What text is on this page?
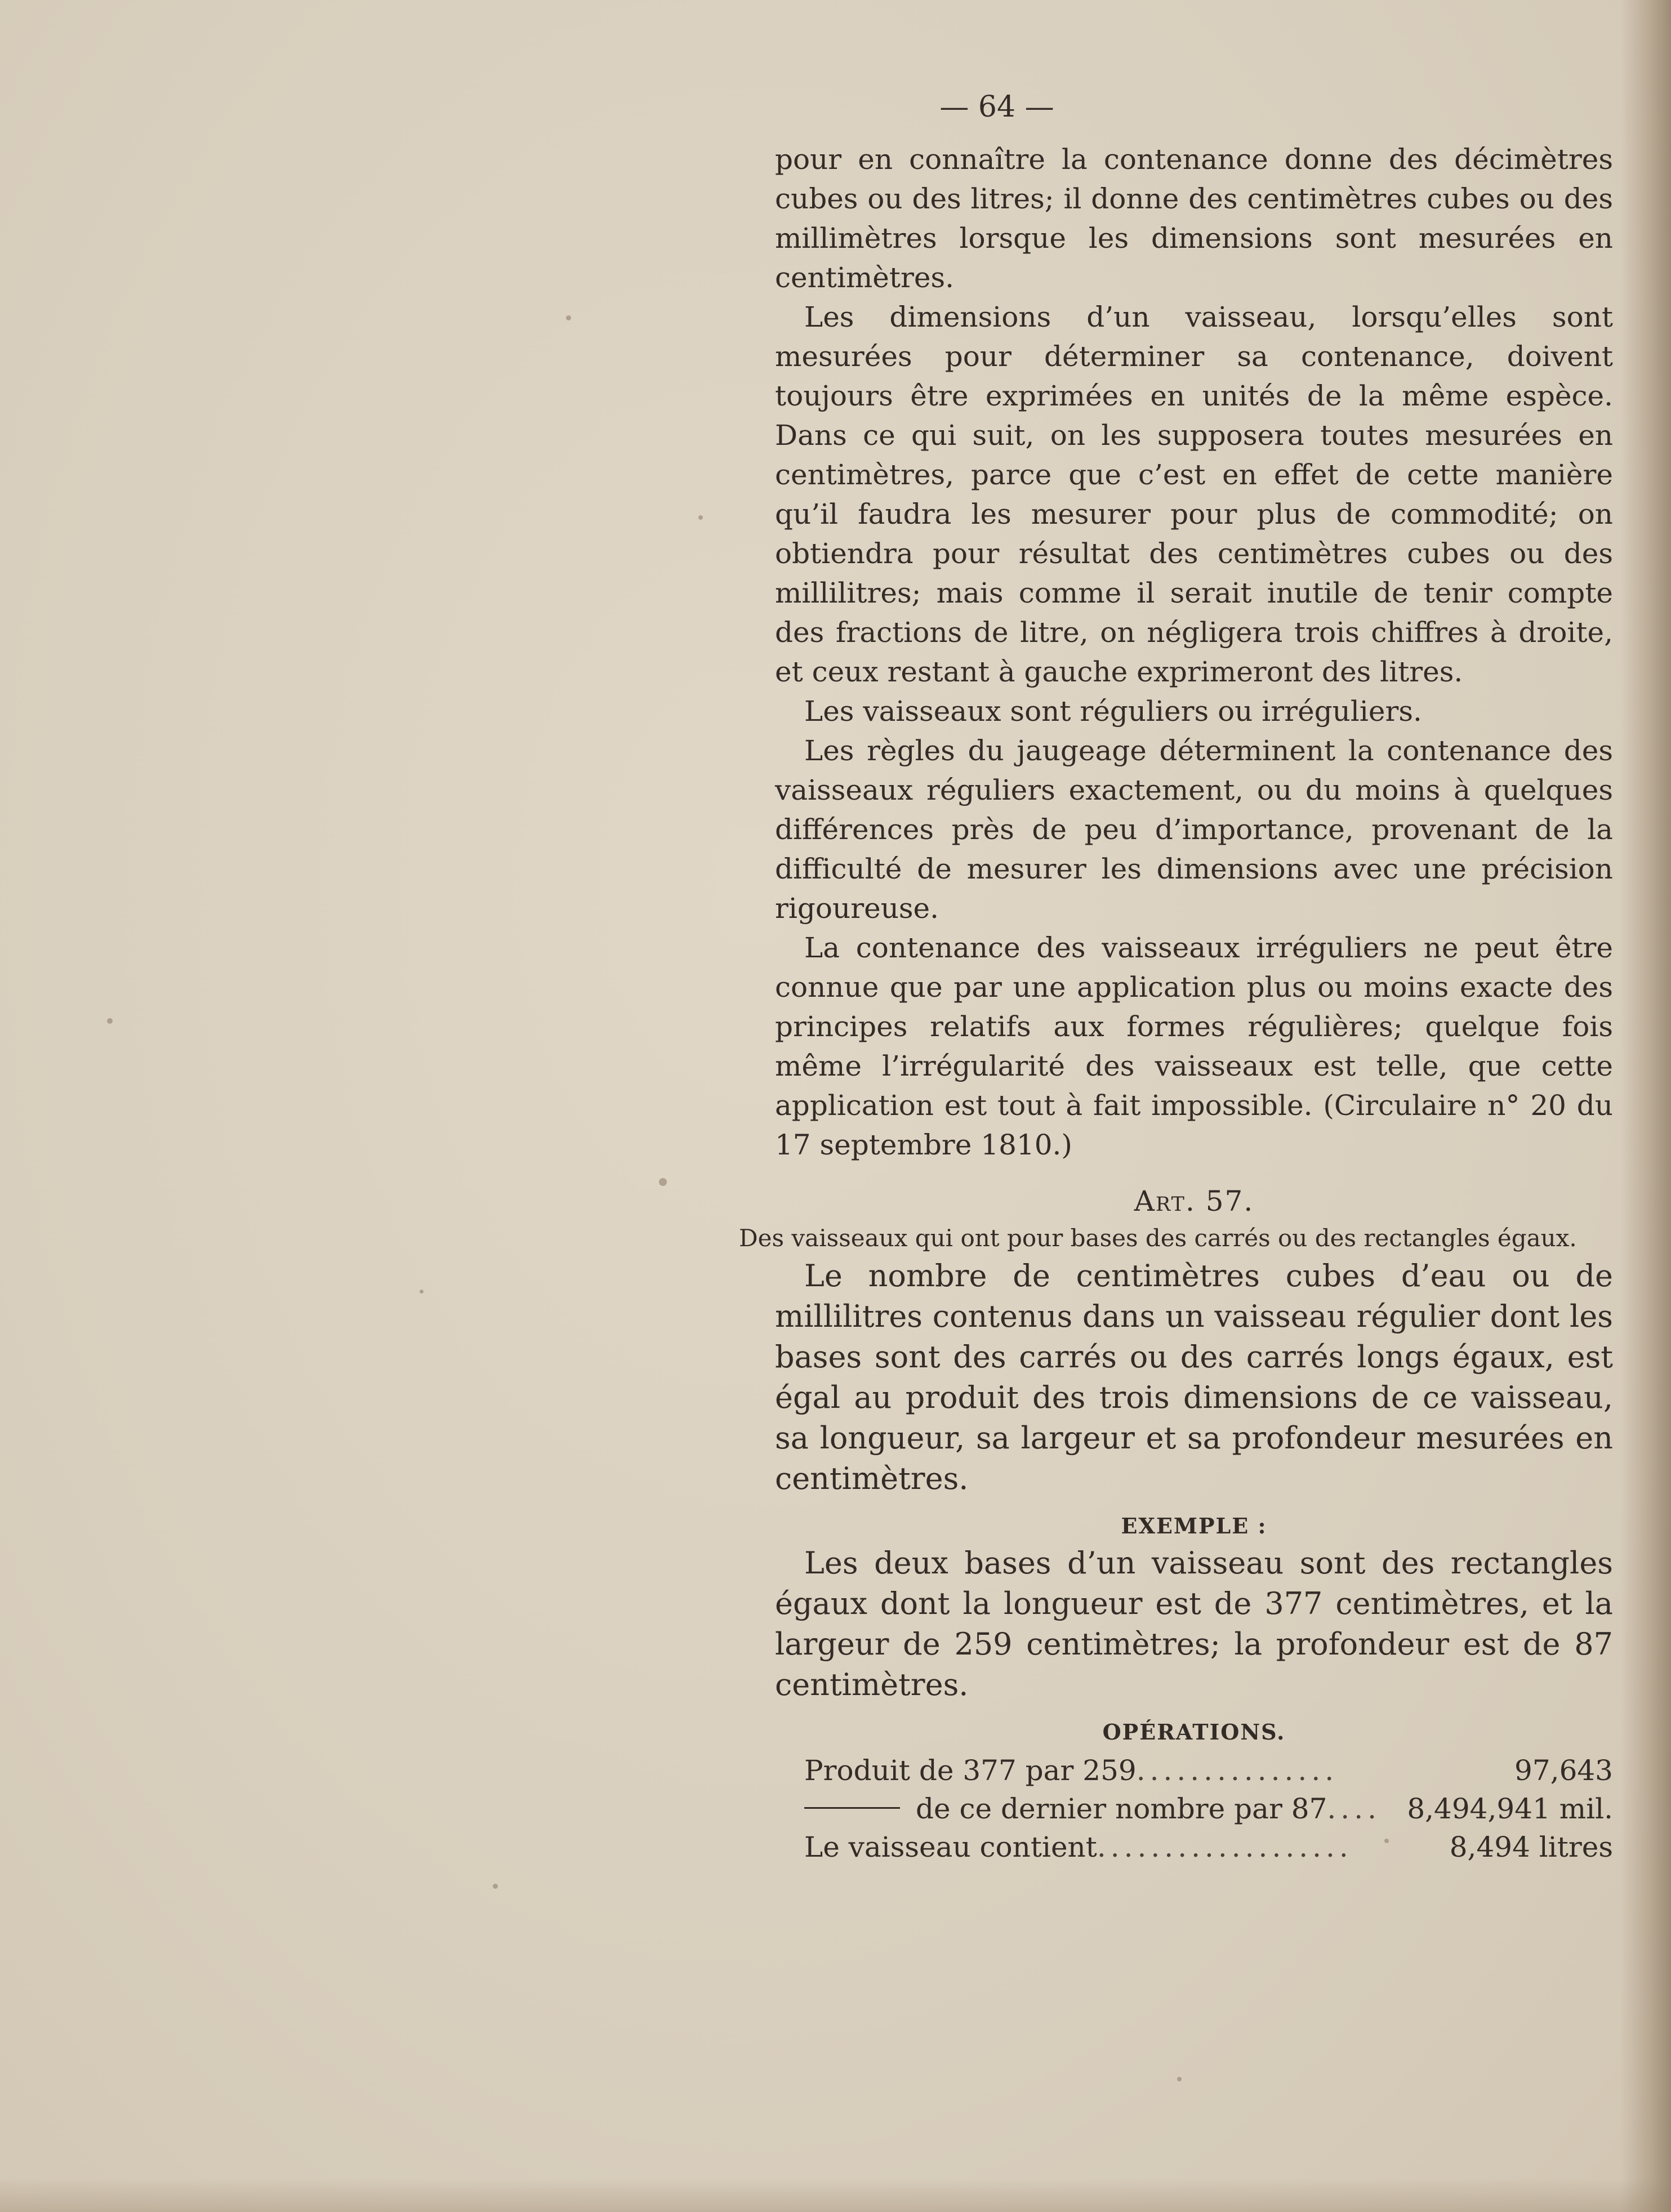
— 64 —

pour en connaître la contenance donne des décimètres cubes ou des litres; il donne des centimètres cubes ou des millimètres lorsque les dimensions sont mesurées en centimètres.

Les dimensions d’un vaisseau, lorsqu’elles sont mesurées pour déterminer sa contenance, doivent toujours être exprimées en unités de la même espèce. Dans ce qui suit, on les supposera toutes mesurées en centimètres, parce que c’est en effet de cette manière qu’il faudra les mesurer pour plus de commodité; on obtiendra pour résultat des centimètres cubes ou des millilitres; mais comme il serait inutile de tenir compte des fractions de litre, on négligera trois chiffres à droite, et ceux restant à gauche exprimeront des litres.

Les vaisseaux sont réguliers ou irréguliers.

Les règles du jaugeage déterminent la contenance des vaisseaux réguliers exactement, ou du moins à quelques différences près de peu d’importance, provenant de la difficulté de mesurer les dimensions avec une précision rigoureuse.

La contenance des vaisseaux irréguliers ne peut être connue que par une application plus ou moins exacte des principes relatifs aux formes régulières; quelque fois même l’irrégularité des vaisseaux est telle, que cette application est tout à fait impossible. (Circulaire n° 20 du 17 septembre 1810.)

Art. 57.
Des vaisseaux qui ont pour bases des carrés ou des rectangles égaux.

Le nombre de centimètres cubes d’eau ou de millilitres contenus dans un vaisseau régulier dont les bases sont des carrés ou des carrés longs égaux, est égal au produit des trois dimensions de ce vaisseau, sa longueur, sa largeur et sa profondeur mesurées en centimètres.

EXEMPLE :

Les deux bases d’un vaisseau sont des rectangles égaux dont la longueur est de 377 centimètres, et la largeur de 259 centimètres; la profondeur est de 87 centimètres.

OPÉRATIONS.
Produit de 377 par 259 ...............	97,643
de ce dernier nombre par 87 .... 8,494,941 mil.
Le vaisseau contient ...................	8,494 litres
